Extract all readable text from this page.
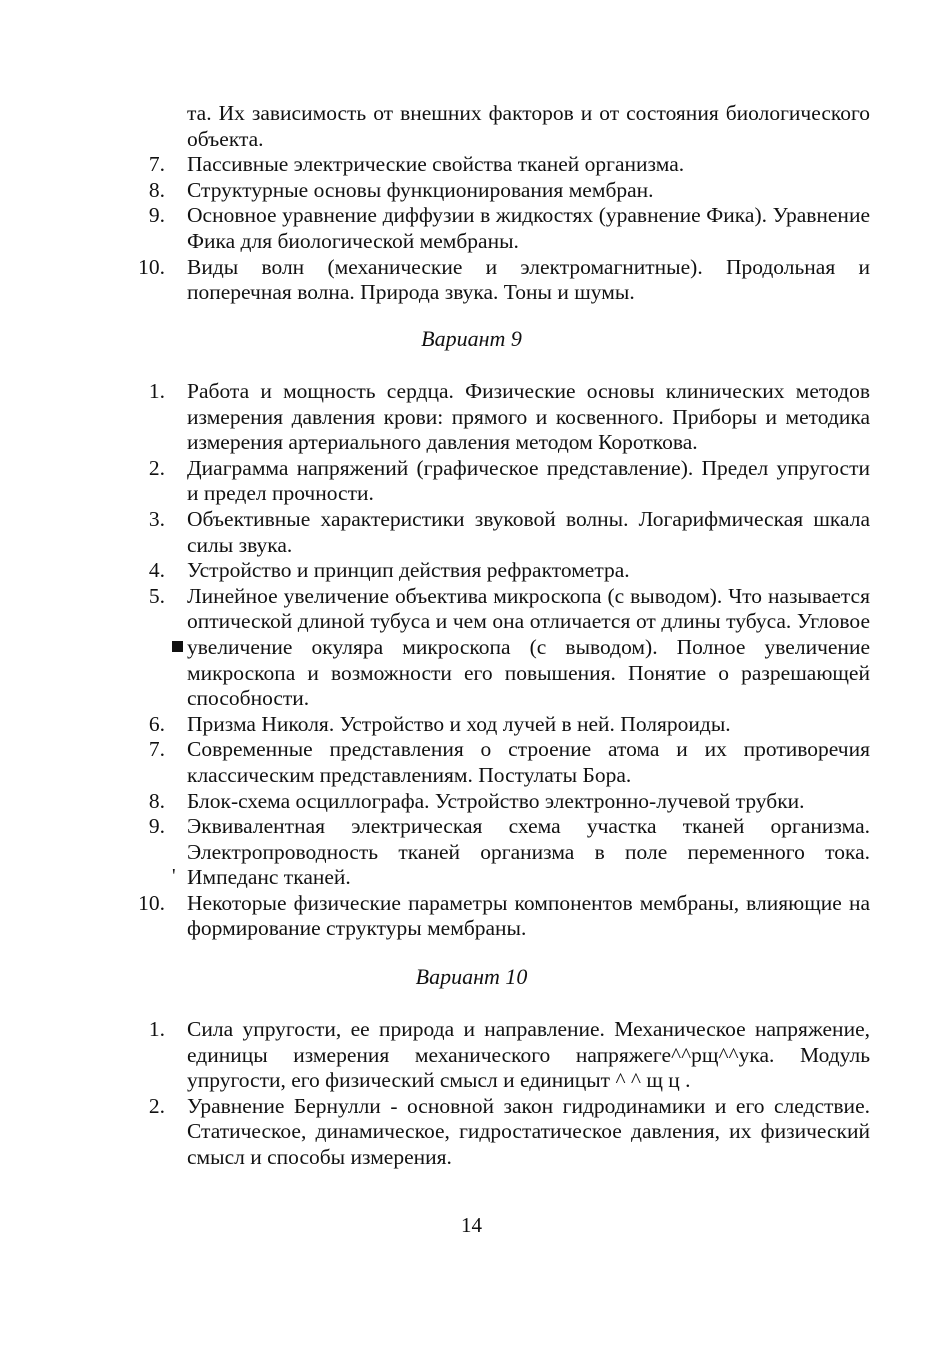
та. Их зависимость от внешних факторов и от состояния биологического объекта.
7. Пассивные электрические свойства тканей организма.
8. Структурные основы функционирования мембран.
9. Основное уравнение диффузии в жидкостях (уравнение Фика). Уравнение Фика для биологической мембраны.
10. Виды волн (механические и электромагнитные). Продольная и поперечная волна. Природа звука. Тоны и шумы.
Вариант 9
1. Работа и мощность сердца. Физические основы клинических методов измерения давления крови: прямого и косвенного. Приборы и методика измерения артериального давления методом Короткова.
2. Диаграмма напряжений (графическое представление). Предел упругости и предел прочности.
3. Объективные характеристики звуковой волны. Логарифмическая шкала силы звука.
4. Устройство и принцип действия рефрактометра.
5. Линейное увеличение объектива микроскопа (с выводом). Что называется оптической длиной тубуса и чем она отличается от длины тубуса. Угловое увеличение окуляра микроскопа (с выводом). Полное увеличение микроскопа и возможности его повышения. Понятие о разрешающей способности.
6. Призма Николя. Устройство и ход лучей в ней. Поляроиды.
7. Современные представления о строение атома и их противоречия классическим представлениям. Постулаты Бора.
8. Блок-схема осциллографа. Устройство электронно-лучевой трубки.
9.
'
Эквивалентная электрическая схема участка тканей организма. Электропроводность тканей организма в поле переменного тока. Импеданс тканей.
10. Некоторые физические параметры компонентов мембраны, влияющие на формирование структуры мембраны.
Вариант 10
1. Сила упругости, ее природа и направление. Механическое напряжение, единицы измерения механического напряжеге^^рщ^^ука. Модуль упругости, его физический смысл и единицыт ^ ^ щ ц .
2. Уравнение Бернулли - основной закон гидродинамики и его следствие. Статическое, динамическое, гидростатическое давления, их физический смысл и способы измерения.
14
